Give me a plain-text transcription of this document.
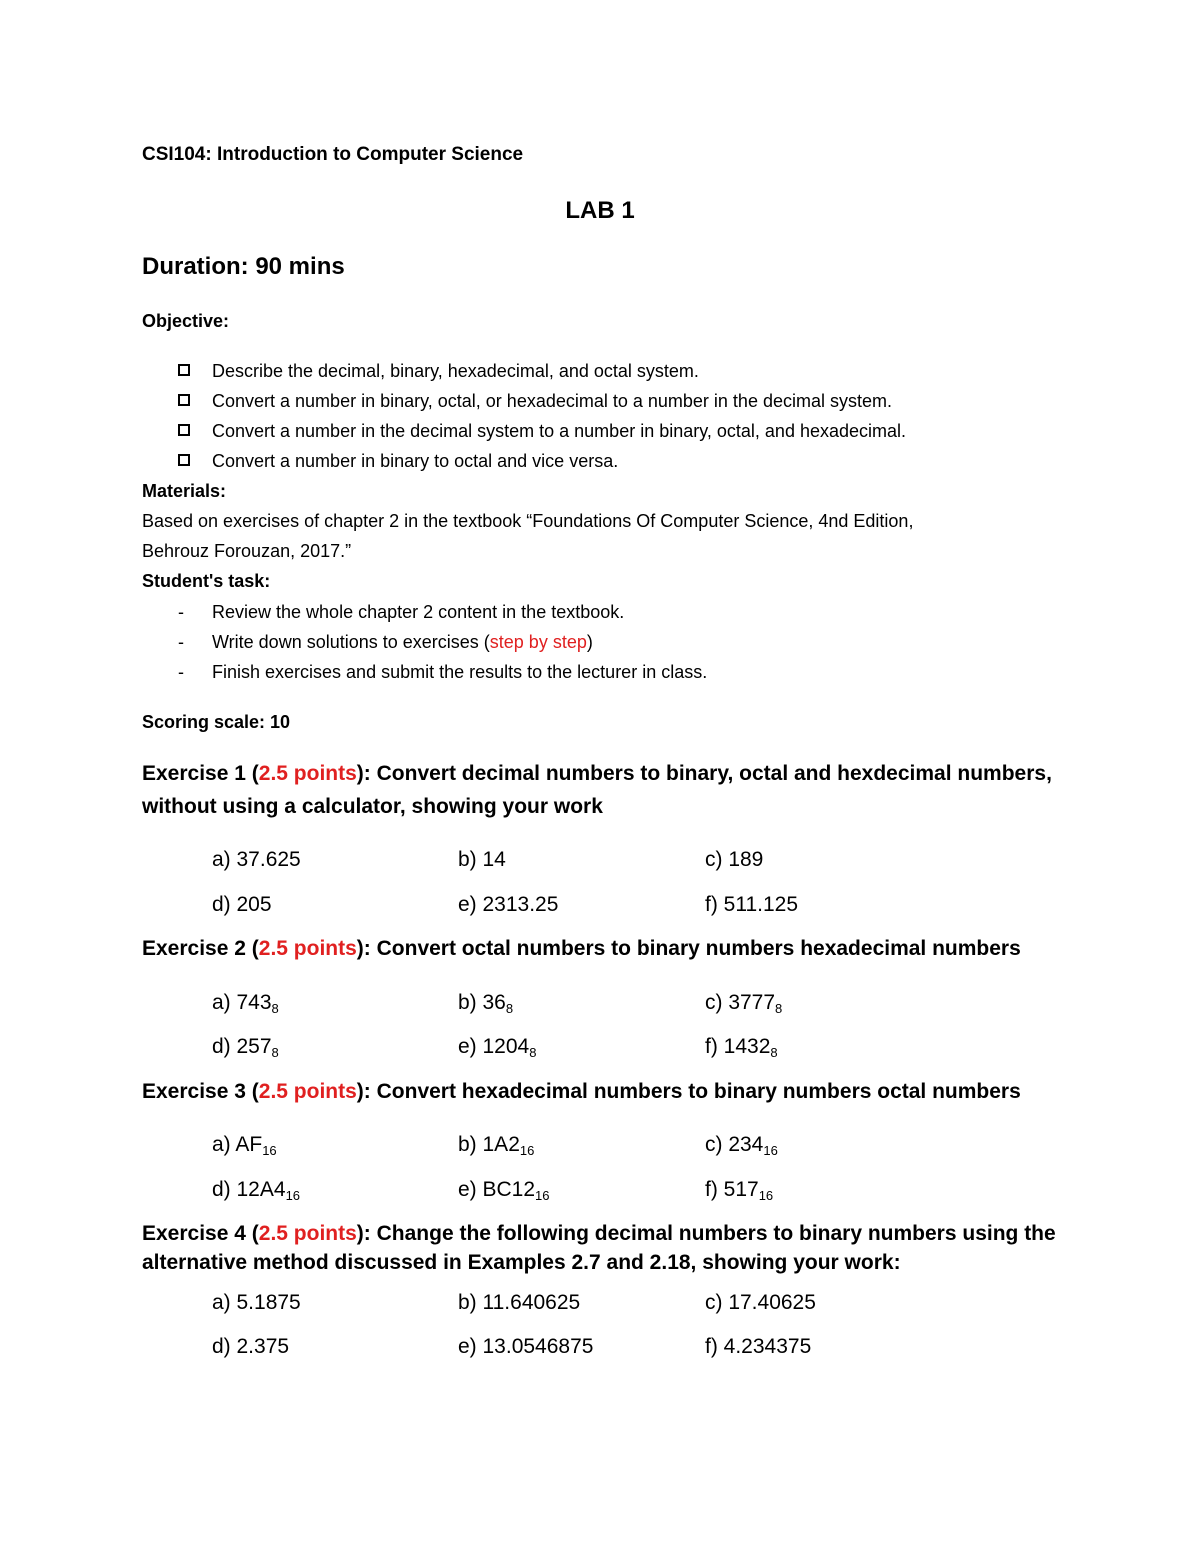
CSI104: Introduction to Computer Science
LAB 1
Duration: 90 mins
Objective:
Describe the decimal, binary, hexadecimal, and octal system.
Convert a number in binary, octal, or hexadecimal to a number in the decimal system.
Convert a number in the decimal system to a number in binary, octal, and hexadecimal.
Convert a number in binary to octal and vice versa.
Materials:
Based on exercises of chapter 2 in the textbook “Foundations Of Computer Science, 4nd Edition,
Behrouz Forouzan, 2017.”
Student's task:
- Review the whole chapter 2 content in the textbook.
- Write down solutions to exercises (step by step)
- Finish exercises and submit the results to the lecturer in class.
Scoring scale: 10
Exercise 1 (2.5 points): Convert decimal numbers to binary, octal and hexdecimal numbers,
without using a calculator, showing your work
a) 37.625	b) 14	c) 189
d) 205	e) 2313.25	f) 511.125
Exercise 2 (2.5 points): Convert octal numbers to binary numbers hexadecimal numbers
a) $743_8$	b) $36_8$	c) $3777_8$
d) $257_8$	e) $1204_8$	f) $1432_8$
Exercise 3 (2.5 points): Convert hexadecimal numbers to binary numbers octal numbers
a) $AF_{16}$	b) $1A2_{16}$	c) $234_{16}$
d) $12A4_{16}$	e) $BC12_{16}$	f) $517_{16}$
Exercise 4 (2.5 points): Change the following decimal numbers to binary numbers using the
alternative method discussed in Examples 2.7 and 2.18, showing your work:
a) 5.1875	b) 11.640625	c) 17.40625
d) 2.375	e) 13.0546875	f) 4.234375
